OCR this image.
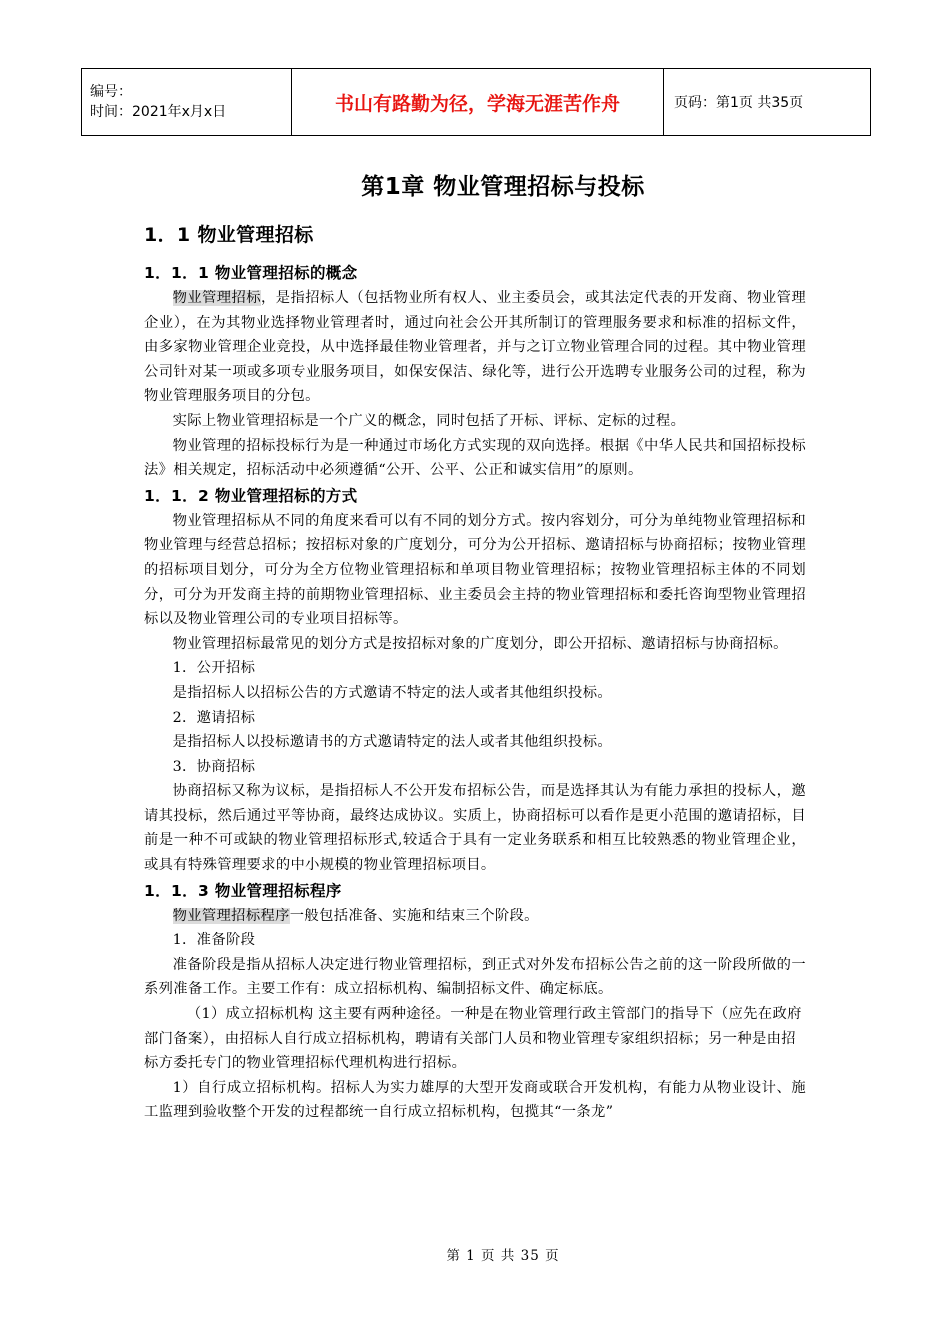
编号：
时间：2021年x月x日	书山有路勤为径，学海无涯苦作舟	页码：第1页 共35页
第1章 物业管理招标与投标
1．1 物业管理招标
1．1．1 物业管理招标的概念

物业管理招标，是指招标人（包括物业所有权人、业主委员会，或其法定代表的开发商、物业管理企业），在为其物业选择物业管理者时，通过向社会公开其所制订的管理服务要求和标准的招标文件，由多家物业管理企业竞投，从中选择最佳物业管理者，并与之订立物业管理合同的过程。其中物业管理公司针对某一项或多项专业服务项目，如保安保洁、绿化等，进行公开选聘专业服务公司的过程，称为物业管理服务项目的分包。

实际上物业管理招标是一个广义的概念，同时包括了开标、评标、定标的过程。

物业管理的招标投标行为是一种通过市场化方式实现的双向选择。根据《中华人民共和国招标投标法》相关规定，招标活动中必须遵循“公开、公平、公正和诚实信用”的原则。

1．1．2 物业管理招标的方式

物业管理招标从不同的角度来看可以有不同的划分方式。按内容划分，可分为单纯物业管理招标和物业管理与经营总招标；按招标对象的广度划分，可分为公开招标、邀请招标与协商招标；按物业管理的招标项目划分，可分为全方位物业管理招标和单项目物业管理招标；按物业管理招标主体的不同划分，可分为开发商主持的前期物业管理招标、业主委员会主持的物业管理招标和委托咨询型物业管理招标以及物业管理公司的专业项目招标等。

物业管理招标最常见的划分方式是按招标对象的广度划分，即公开招标、邀请招标与协商招标。

1．公开招标

是指招标人以招标公告的方式邀请不特定的法人或者其他组织投标。

2．邀请招标

是指招标人以投标邀请书的方式邀请特定的法人或者其他组织投标。

3．协商招标

协商招标又称为议标，是指招标人不公开发布招标公告，而是选择其认为有能力承担的投标人，邀请其投标，然后通过平等协商，最终达成协议。实质上，协商招标可以看作是更小范围的邀请招标，目前是一种不可或缺的物业管理招标形式,较适合于具有一定业务联系和相互比较熟悉的物业管理企业，或具有特殊管理要求的中小规模的物业管理招标项目。

1．1．3 物业管理招标程序

物业管理招标程序一般包括准备、实施和结束三个阶段。

1．准备阶段

准备阶段是指从招标人决定进行物业管理招标，到正式对外发布招标公告之前的这一阶段所做的一系列准备工作。主要工作有：成立招标机构、编制招标文件、确定标底。

（1）成立招标机构 这主要有两种途径。一种是在物业管理行政主管部门的指导下（应先在政府部门备案），由招标人自行成立招标机构，聘请有关部门人员和物业管理专家组织招标；另一种是由招标方委托专门的物业管理招标代理机构进行招标。

1）自行成立招标机构。招标人为实力雄厚的大型开发商或联合开发机构，有能力从物业设计、施工监理到验收整个开发的过程都统一自行成立招标机构，包揽其“一条龙”

第 1 页 共 35 页
